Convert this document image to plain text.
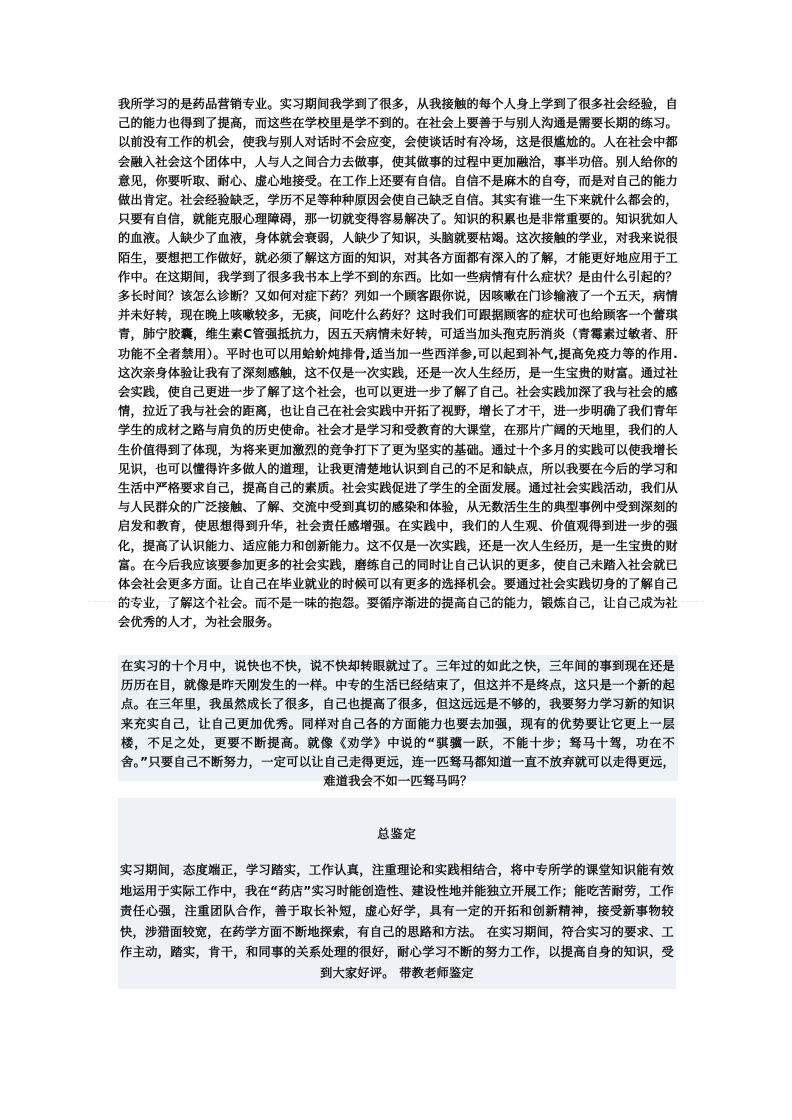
我所学习的是药品营销专业。实习期间我学到了很多，从我接触的每个人身上学到了很多社会经验，自己的能力也得到了提高，而这些在学校里是学不到的。在社会上要善于与别人沟通是需要长期的练习。以前没有工作的机会，使我与别人对话时不会应变，会使谈话时有冷场，这是很尴尬的。人在社会中都会融入社会这个团体中，人与人之间合力去做事，使其做事的过程中更加融洽，事半功倍。别人给你的意见，你要听取、耐心、虚心地接受。在工作上还要有自信。自信不是麻木的自夸，而是对自己的能力做出肯定。社会经验缺乏，学历不足等种种原因会使自己缺乏自信。其实有谁一生下来就什么都会的，只要有自信，就能克服心理障碍，那一切就变得容易解决了。知识的积累也是非常重要的。知识犹如人的血液。人缺少了血液，身体就会衰弱，人缺少了知识，头脑就要枯竭。这次接触的学业，对我来说很陌生，要想把工作做好，就必须了解这方面的知识，对其各方面都有深入的了解，才能更好地应用于工作中。在这期间，我学到了很多我书本上学不到的东西。比如一些病情有什么症状？是由什么引起的？多长时间？该怎么诊断？又如何对症下药？列如一个顾客跟你说，因咳嗽在门诊输液了一个五天，病情并未好转，现在晚上咳嗽较多，无痰，问吃什么药好？这时我们可跟据顾客的症状可也给顾客一个蕾琪青，肺宁胶囊，维生素C管强抵抗力，因五天病情未好转，可适当加头孢克肟消炎（青霉素过敏者、肝功能不全者禁用）。平时也可以用蛤蚧炖排骨,适当加一些西洋参,可以起到补气,提高免疫力等的作用.这次亲身体验让我有了深刻感触，这不仅是一次实践，还是一次人生经历，是一生宝贵的财富。通过社会实践，使自己更进一步了解了这个社会，也可以更进一步了解了自己。社会实践加深了我与社会的感情，拉近了我与社会的距离，也让自己在社会实践中开拓了视野，增长了才干，进一步明确了我们青年学生的成材之路与肩负的历史使命。社会才是学习和受教育的大课堂，在那片广阔的天地里，我们的人生价值得到了体现，为将来更加激烈的竞争打下了更为坚实的基础。通过十个多月的实践可以使我增长见识，也可以懂得许多做人的道理，让我更清楚地认识到自己的不足和缺点，所以我要在今后的学习和生活中严格要求自己，提高自己的素质。社会实践促进了学生的全面发展。通过社会实践活动，我们从与人民群众的广泛接触、了解、交流中受到真切的感染和体验，从无数活生生的典型事例中受到深刻的启发和教育，使思想得到升华，社会责任感增强。在实践中，我们的人生观、价值观得到进一步的强化，提高了认识能力、适应能力和创新能力。这不仅是一次实践，还是一次人生经历，是一生宝贵的财富。在今后我应该要参加更多的社会实践，磨练自己的同时让自己认识的更多，使自己未踏入社会就已体会社会更多方面。让自己在毕业就业的时候可以有更多的选择机会。要通过社会实践切身的了解自己的专业，了解这个社会。而不是一味的抱怨。要循序渐进的提高自己的能力，锻炼自己，让自己成为社会优秀的人才，为社会服务。

在实习的十个月中，说快也不快，说不快却转眼就过了。三年过的如此之快，三年间的事到现在还是历历在目，就像是昨天刚发生的一样。中专的生活已经结束了，但这并不是终点，这只是一个新的起点。在三年里，我虽然成长了很多，自己也提高了很多，但这远远是不够的，我要努力学习新的知识来充实自己，让自己更加优秀。同样对自己各的方面能力也要去加强，现有的优势要让它更上一层楼，不足之处，更要不断提高。就像《劝学》中说的“骐骥一跃，不能十步；驽马十驾，功在不舍。”只要自己不断努力，一定可以让自己走得更远，连一匹驽马都知道一直不放弃就可以走得更远，难道我会不如一匹驽马吗？

总鉴定

实习期间，态度端正，学习踏实，工作认真，注重理论和实践相结合，将中专所学的课堂知识能有效地运用于实际工作中，我在“药店”实习时能创造性、建设性地并能独立开展工作；能吃苦耐劳，工作 责任心强，注重团队合作，善于取长补短，虚心好学，具有一定的开拓和创新精神，接受新事物较快，涉猎面较宽，在药学方面不断地探索，有自己的思路和方法。 在实习期间，符合实习的要求、工作主动，踏实，肯干，和同事的关系处理的很好，耐心学习不断的努力工作，以提高自身的知识，受到大家好评。 带教老师鉴定
